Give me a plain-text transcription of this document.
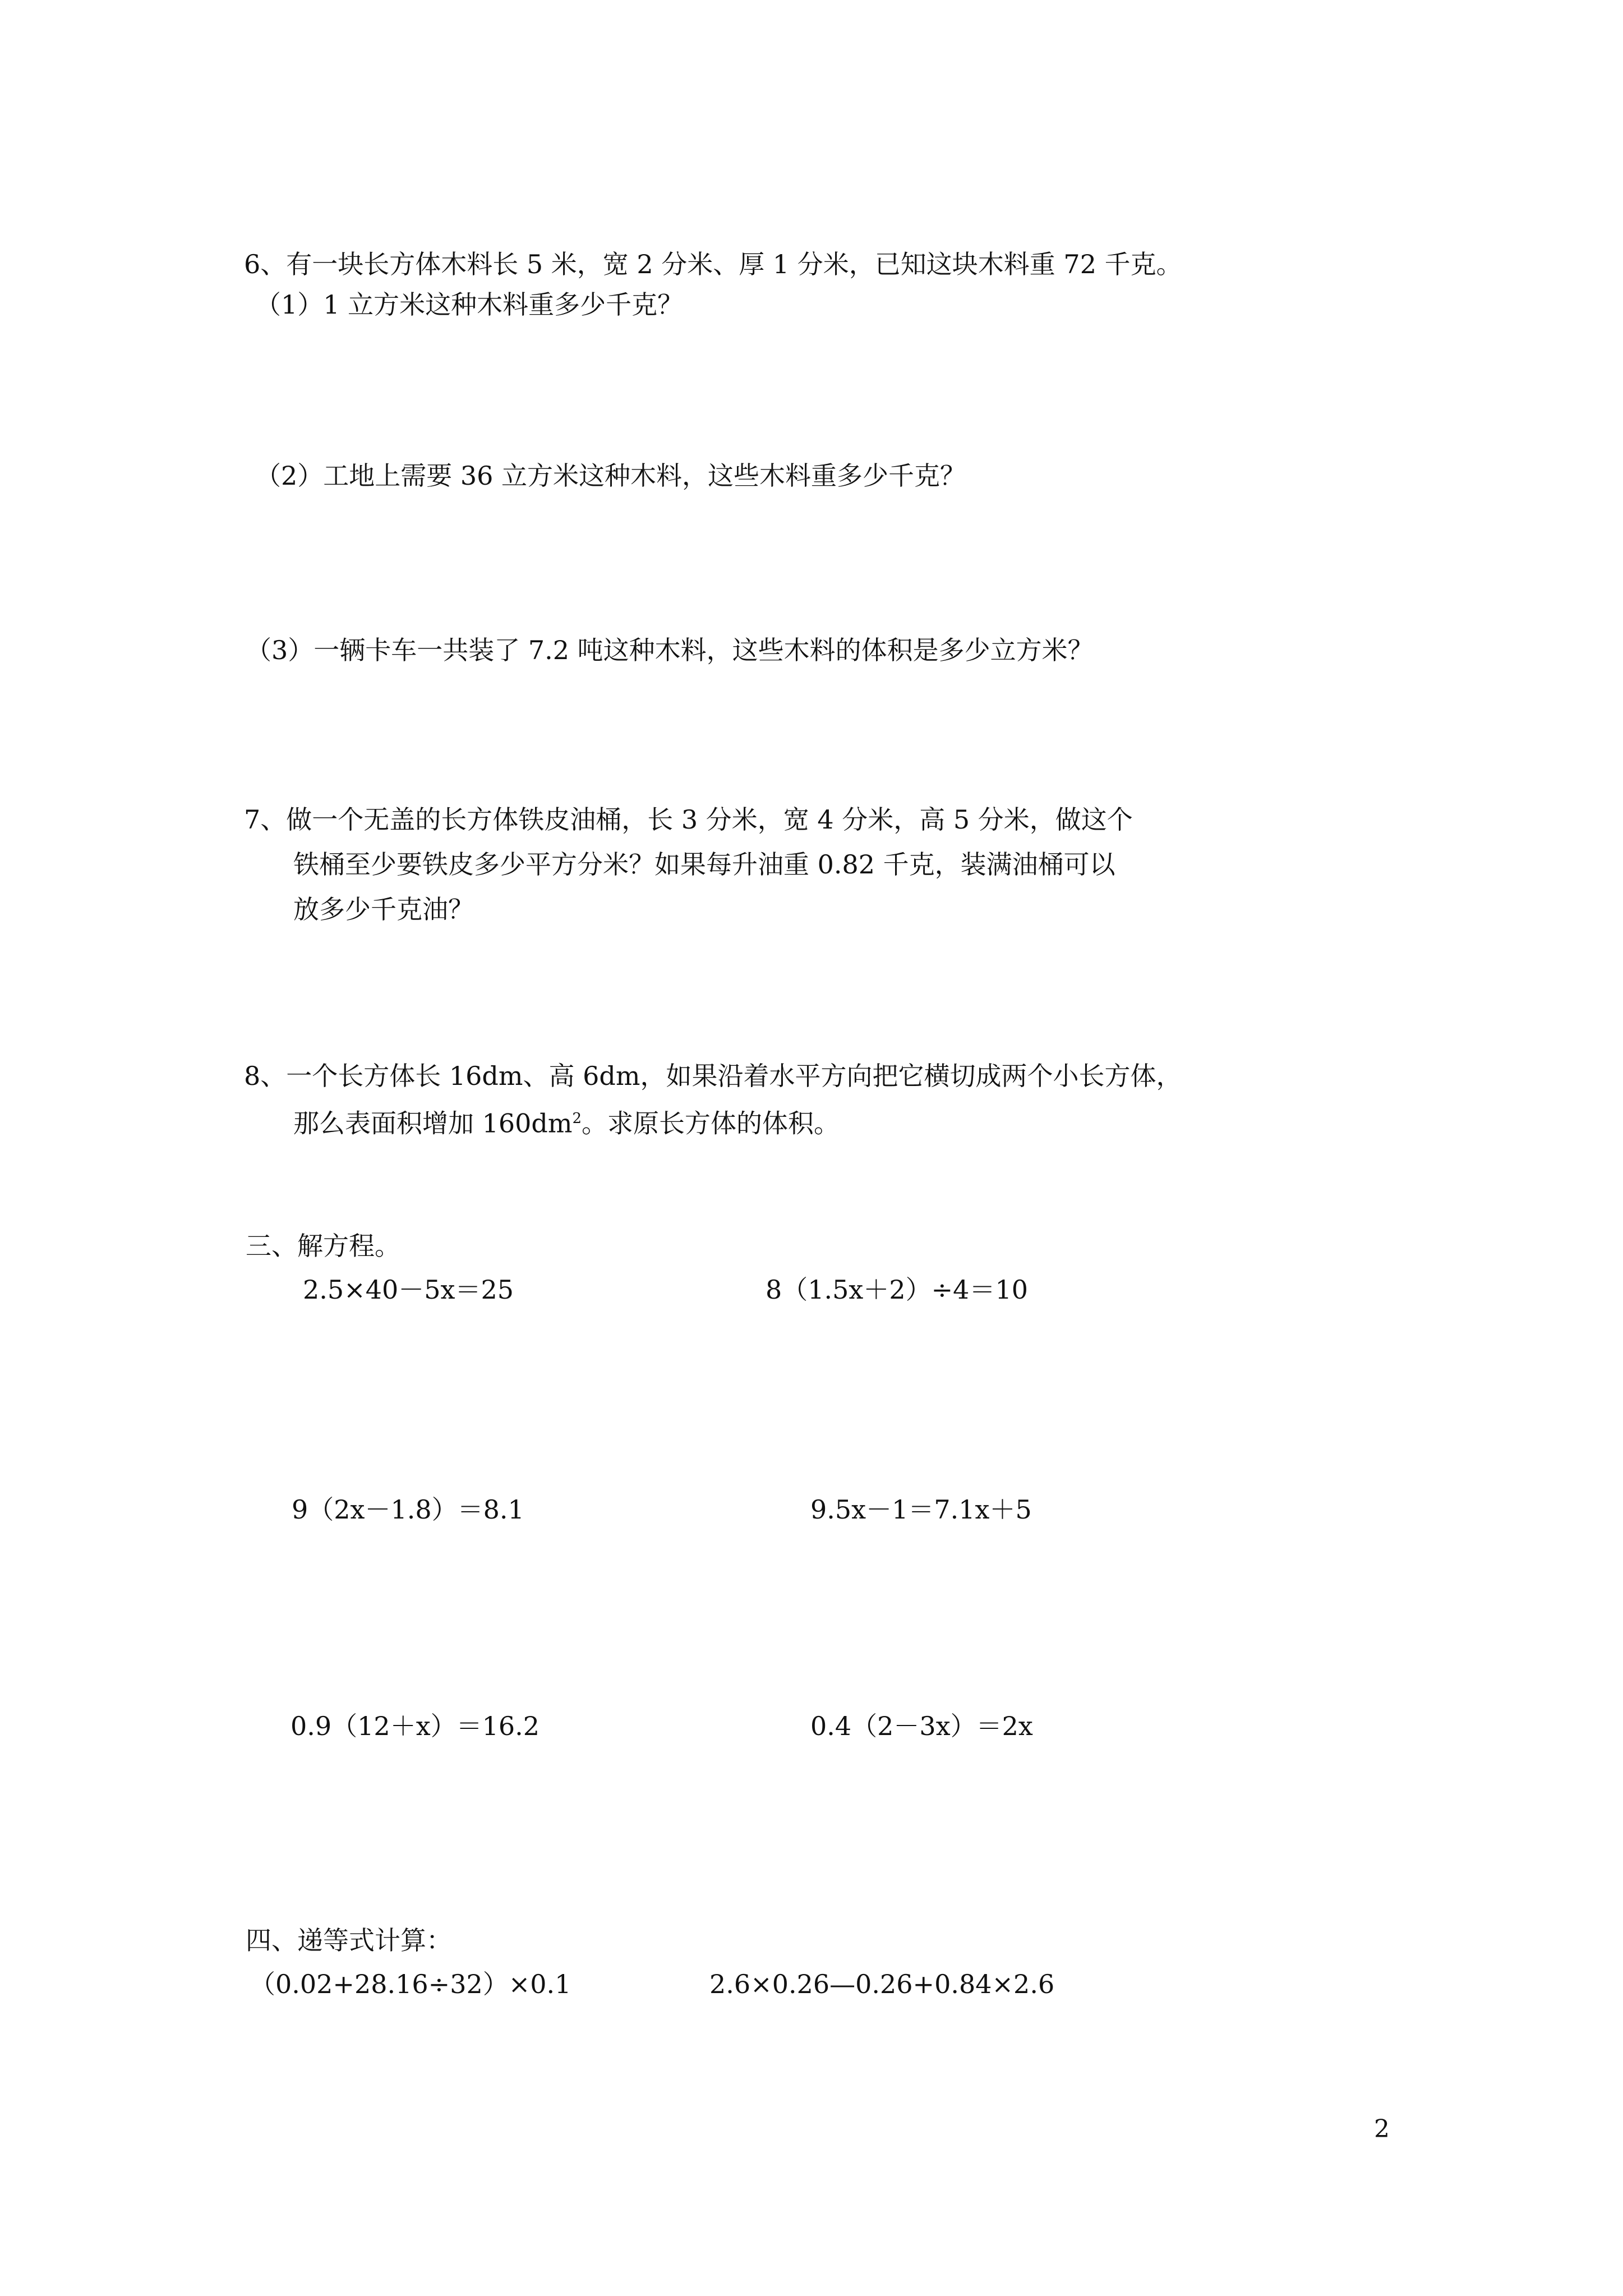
6、有一块长方体木料长 5 米，宽 2 分米、厚 1 分米，已知这块木料重 72 千克。

（1）1 立方米这种木料重多少千克？

（2）工地上需要 36 立方米这种木料，这些木料重多少千克？

（3）一辆卡车一共装了 7.2 吨这种木料，这些木料的体积是多少立方米？

7、做一个无盖的长方体铁皮油桶，长 3 分米，宽 4 分米，高 5 分米，做这个

铁桶至少要铁皮多少平方分米？如果每升油重 0.82 千克，装满油桶可以

放多少千克油？

8、一个长方体长 16dm、高 6dm，如果沿着水平方向把它横切成两个小长方体，

那么表面积增加 $160dm^2$。求原长方体的体积。

三、解方程。

2.5×40－5x＝25	8（1.5x＋2）÷4＝10

9（2x－1.8）＝8.1	9.5x－1＝7.1x＋5

0.9（12＋x）＝16.2	0.4（2－3x）＝2x

四、递等式计算：

（0.02+28.16÷32）×0.1	2.6×0.26—0.26+0.84×2.6

2
